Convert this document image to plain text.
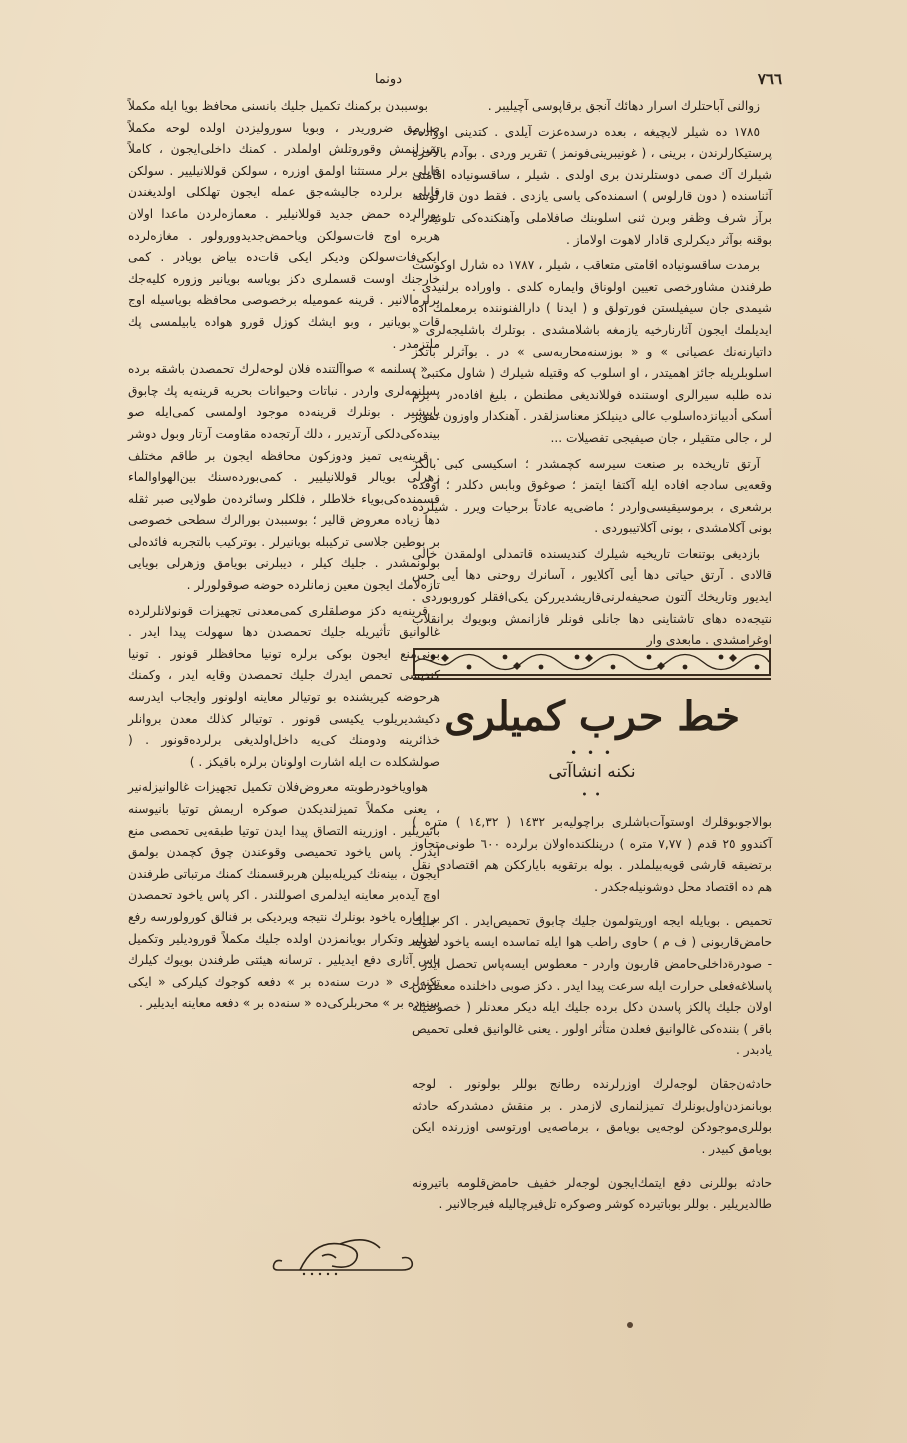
٧٦٦
دونما

زوالنى آباحتلرك اسرار دهائك آنجق برقاپوسى آچيليبر .

١٧٨٥ ده شيلر لايچيغه ، بعده درسده‌عزت آيلدى . كتدينى اووادهء پرستيكارلرندن ، برينى ، ( غونيبرينى‌فونمز ) تقرير وردى . بوآدم بالآخره شيلرك آك صمى دوستلرندن برى اولدى . شيلر ، ساقسونياده اقامتى آثناسنده ( دون قارلوس ) اسمنده‌كى ياسى يازدى . فقط دون قارلوسه برآز شرف وظفر وبرن ثنى اسلوبنك صافلاملى وآهنكنده‌كى تلونيدر . بوقنه بوآثر ديكرلرى قادار لاهوت اولاماز .

برمدت ساقسونياده اقامتى متعاقب ، شيلر ، ١٧٨٧ ده شارل اوكوست طرفندن مشاورخصى تعيين اولوناق وايماره كلدى . واوراده برلنيدى . شيمدى جان سيفيلستن فورتولق و ( ايدنا ) دارالفنوننده برمعلمك آده ايديلمك ايجون آثارنارخيه يازمغه باشلامشدى . بوتلرك باشليجه‌لرى « داتيارنه‌نك عصيانى » و « بوزسنه‌محاربه‌سى » در . بوآثرلر باتكز اسلوبلريله جائز اهميتدر ، او اسلوب كه وقتيله شيلرك ( شاول مكتبى ) نده طلبه سيرالرى اوستنده فوللانديغى مطنطن ، بليغ افاده‌در . بزم أسكى أدبيانزده‌اسلوب عالى دينيلكز معناسزلقدر . آهنكدار واوزون تموير لر ، جالى متقيلر ، جان صيفيجى تفصيلات ...

آرتق تاريخده بر صنعت سيرسه كچمشدر ؛ اسكيسى كبى بالكز وقعه‌يى سادجه افاده ايله آكتفا ايتمز ؛ صوغوق وبابس دكلدر ؛ اوقده برشعرى ، برموسيقيسى‌واردر ؛ ماضى‌يه عادتاً برحيات ويرر . شيلرده بونى آكلامشدى ، بونى آكلاتيبوردى .

بازديغى بوتنعات تاريخيه شيلرك كنديسنده قاتمدلى اولمقدن خالى قالادى . آرتق حياتى دها أيى آكلايور ، آسانرك روحنى دها أيى حس ايديور وتاريخك آلتون صحيفه‌لرنى‌قاريشديرركن يكى‌افقلر كوروبوردى . نتيجه‌ده دهاى تاشتاينى دها جانلى فونلر فازانمش وبويوك برانقلاب اوغرامشدى . مابعدى وار

خط حرب كميلرى
• • •
نكنه انشاآتى
• •

بوالاجوبوقلرك اوستوآت‌باشلرى براچوليه‌بر ١٤٣٢ ( ١٤,٣٢ ) متره ) آكندوو ٢٥ قدم ( ٧,٧٧ متره ) درينلكنده‌اولان برلرده ٦٠٠ طونى‌متجاوز برتضيقه قارشى قويه‌بيلملدر . بوله برتقويه بايارككن هم اقتصادى نقل هم ده اقتصاد محل دوشونيله‌جكدر .

تحميص . بويايله ايجه اوريتولمون جليك چابوق تحميص‌ايدر . اكر جليك حامض‌قاربونى ( ف م ) حاوى راطب هوا ايله تماسده ايسه ياخود صويه - صودرة‌داخلى‌حامض قاربون واردر - معطوس ايسه‌پاس تحصل ايدر . پاسلاغه‌فعلى حرارت ايله سرعت پيدا ايدر . دكز صوبى داخلنده معطوس اولان جليك پالكز پاسدن دكل برده جليك ايله ديكر معدنلر ( خصوصيله باقر ) بننده‌كى غالوانيق فعلدن متأثر اولور . يعنى غالوانيق فعلى تحميص يادبدر .

حادثه‌ن‌جقان لوجه‌لرك اوزرلرنده رطانج بوللر بولونور . لوجه بوبانمزدن‌اول‌بونلرك تميزلنمارى لازمدر . بر منقش دمشدركه حادثه بوللرى‌موجودكن لوجه‌يى بويامق ، برماصه‌يى اورتوسى اوزرنده ايكن بويامق كبيدر .

حادثه بوللرنى دفع ايتمك‌ايجون لوجه‌لر خفيف حامض‌قلومه باتيرونه طالديريلير . بوللر بوباتيرده كوشر وصوكره تل‌فيرچاليله فيرجالانير .

بوسببدن بركمنك تكميل جليك بانسنى محافظ بويا ايله مكملاً صارمق ضروريدر ، وبويا سوروليزدن اولده لوحه مكملاً تميزلنمش وقوروتلش اولملدر . كمنك داخلى‌ايجون ، كاملاً قابلى برلر مستثنا اولمق اوزره ، سولكن قوللانيليير . سولكن قابلى برلرده جاليشه‌جق عمله ايجون تهلكلى اولديغندن بورالرده حمض جديد قوللانيلير . معمازه‌لردن ماعدا اولان هربره اوج فات‌سولكن وياحمض‌جديدوورولور . مغازه‌لرده ايكى‌فات‌سولكن وديكر ايكى قات‌ده بياض بويادر . كمى خارجنك اوست قسملرى دكز بوياسه بويانير وزوره كليه‌جك برلرمالانير . قرينه عموميله برخصوصى محافظه بوياسيله اوج قات بويانير ، وبو ايشك كوزل قورو هواده يابيلمسى پك ملتزمدر .

« پسلنمه » صواآلتنده فلان لوحه‌لرك تحمصدن باشقه برده پسلنمه‌لرى واردر . نباتات وحيوانات بحريه قرينه‌يه پك چابوق ياپيشير . بونلرك قرينه‌ده موجود اولمسى كمى‌ايله صو بينده‌كى‌دلكى آرتديرر ، دلك آرتجه‌ده مقاومت آرتار وبول دوشر . قرينه‌يى تميز ودوزكون محافظه ايجون بر طاقم مختلف زهرلى بويالر قوللانيليير . كمى‌بورده‌سنك بين‌الهوا‌والماء قسمنده‌كى‌بويا‌ء خلاطلر ، فلكلر وسائرده‌ن طولايى صبر ثقله دها زياده معروض قالير ؛ بوسببدن بورالرك سطحى خصوصى بر بوطين جلاسى تركيبله بويانيرلر . بوتركيب بالتجربه فائده‌لى بولونمشدر . جليك كيلر ، ديبلرنى بويامق وزهرلى بويايى تازه‌لامك ايجون معين زمانلرده حوضه صوقولورلر .

قرينه‌يه دكز موصلقلرى كمى‌معدنى تجهيزات قونولانلرلرده غالوانيق تأثيريله جليك تحمصدن دها سهولت پيدا ايدر . بونى‌منع ايجون بوكى برلره تونيا محافظلر قونور . تونيا كنديسى تحمص ايدرك جليك تحمصدن وقايه ايدر ، وكمنك هرحوضه كيريشنده بو توتيالر معاينه اولونور وايجاب ايدرسه دكيشديريلوب يكيسى قونور . توتيالر كذلك معدن بروانلر خذائرينه ودومنك كى‌يه داخل‌اولديغى برلرده‌قونور . ( صولشكلده ت ايله اشارت اولونان برلره باقيكز . )

هواويا‌خودرطوبته معروض‌فلان تكميل تجهيزات غالوانيزله‌نير ، يعنى مكملاً تميزلنديكدن صوكره اريمش توتيا بانيوسنه باتيريلير . اوزرينه التصاق پيدا ايدن توتيا طبقه‌يى تحمصى منع ايدر . پاس ياخود تحميصى وقوعندن چوق كچمدن بولمق ايجون ، بينه‌نك كيريله‌بيلن هربرقسمنك كمنك مرتباتى طرفندن اوچ آيده‌بر معاينه ايدلمرى اصوللندر . اكر پاس ياخود تحمصدن بر اماره ياخود بونلرك نتيجه ويرديكى بر فنالق كورولورسه رفع ايديلير وتكرار بويانمزدن اولده جليك مكملاً قوروديلير وتكميل پاس آثارى دفع ايديلير . ترسانه هيئتى طرفندن بويوك كيلرك تكنه‌لرى « درت سنه‌ده بر » دفعه كوجوك كيلركى « ايكى سنه‌ده بر » محربلركى‌ده « سنه‌ده بر » دفعه معاينه ايديلير .
